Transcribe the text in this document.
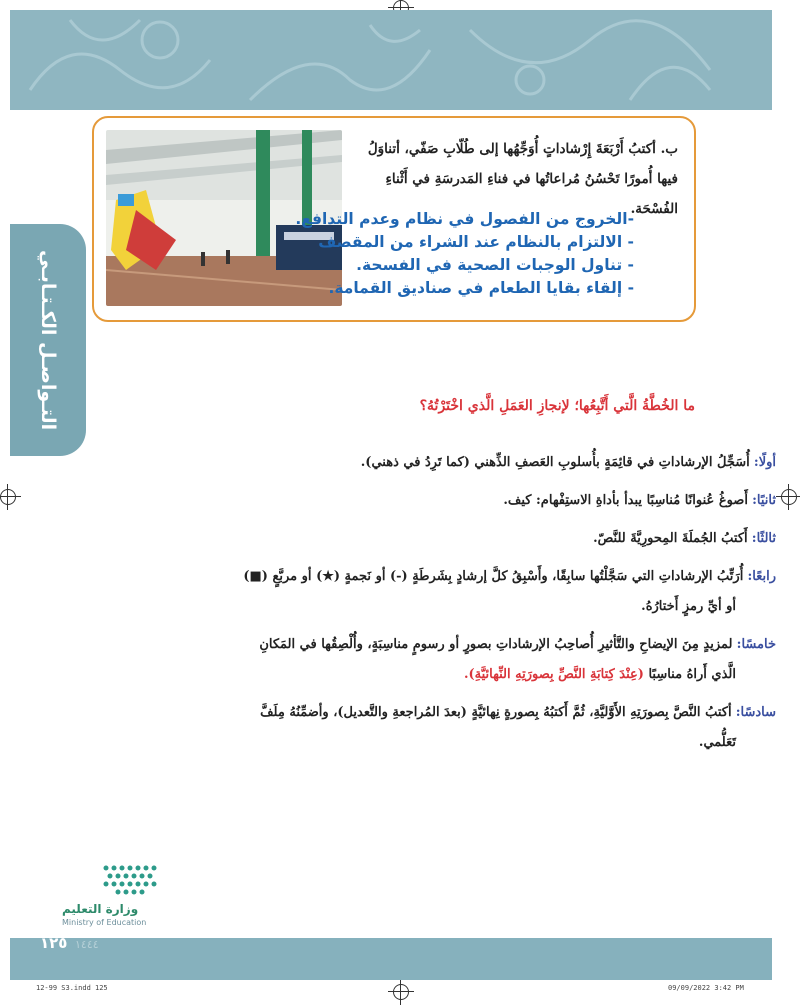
التـواصـل الكـتـابـي
ب. أكتبُ أَرْبَعَةَ إِرْشاداتٍ أُوَجِّهُها إلى طُلّابِ صَفّي، أتناوَلُ فيها أُمورًا تَحْسُنُ مُراعاتُها في فناءِ المَدرسَةِ في أَثْناءِ الفُسْحَة.
-الخروج من الفصول في نظام وعدم التدافع.
- الالتزام بالنظام عند الشراء من المقصف
- تناول الوجبات الصحية في الفسحة.
- إلقاء بقايا الطعام في صناديق القمامة.
ما الخُطَّةُ الَّتي أَتَّبِعُها؛ لإنجازِ العَمَلِ الَّذي اخْتَرْتُهُ؟
أولًا: أُسَجِّلُ الإرشاداتِ في قائِمَةٍ بأُسلوبِ العَصفِ الذِّهني (كما تَرِدُ في ذهني).
ثانيًا: أَصوغُ عُنوانًا مُناسِبًا يبدأ بأداةِ الاستِفْهام: كيف.
ثالثًا: أَكتبُ الجُملَةَ المِحورِيَّةَ للنَّصّ.
رابعًا: أُرَتِّبُ الإرشاداتِ التي سَجَّلْتُها سابِقًا، وأَسْبِقُ كلَّ إرشادٍ بِشَرطَةٍ (-) أو نَجمةٍ (★) أو مربَّعٍ (■)
أو أيِّ رمزٍ أَختارُهُ.
خامسًا: لمزيدٍ مِنَ الإيضاحِ والتَّأثيرِ أُصاحِبُ الإرشاداتِ بصورٍ أو رسومٍ مناسِبَةٍ، وأُلْصِقُها في المَكانِ
الَّذي أَراهُ مناسِبًا (عِنْدَ كِتابَةِ النَّصِّ بِصورَتِهِ النِّهائيَّةِ).
سادسًا: أكتبُ النَّصَّ بِصورَتِهِ الأَوَّليَّةِ، ثُمَّ أَكتبُهُ بِصورةٍ نِهائيَّةٍ (بعدَ المُراجعةِ والتَّعديل)، وأضمِّنُهُ مِلَفَّ
تَعَلُّمي.
وزارة التعليم
Ministry of Education
١٢٥ ١٤٤٤
12-99 S3.indd 125	09/09/2022 3:42 PM
